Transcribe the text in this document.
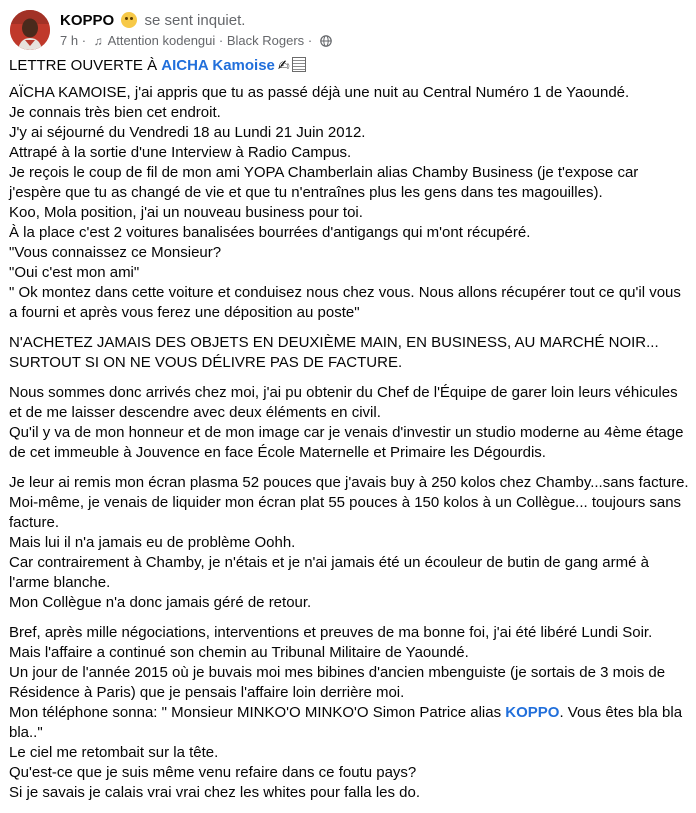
KOPPO se sent inquiet.
7 h · ♫ Attention kodengui · Black Rogers ·

LETTRE OUVERTE À AICHA Kamoise ✍

AÏCHA KAMOISE, j'ai appris que tu as passé déjà une nuit au Central Numéro 1 de Yaoundé.
Je connais très bien cet endroit.
J'y ai séjourné du Vendredi 18 au Lundi 21 Juin 2012.
Attrapé à la sortie d'une Interview à Radio Campus.
Je reçois le coup de fil de mon ami YOPA Chamberlain alias Chamby Business (je t'expose car j'espère que tu as changé de vie et que tu n'entraînes plus les gens dans tes magouilles).
Koo, Mola position, j'ai un nouveau business pour toi.
À la place c'est 2 voitures banalisées bourrées d'antigangs qui m'ont récupéré.
"Vous connaissez ce Monsieur?
"Oui c'est mon ami"
" Ok montez dans cette voiture et conduisez nous chez vous. Nous allons récupérer tout ce qu'il vous a fourni et après vous ferez une déposition au poste"

N'ACHETEZ JAMAIS DES OBJETS EN DEUXIÈME MAIN, EN BUSINESS, AU MARCHÉ NOIR...
SURTOUT SI ON NE VOUS DÉLIVRE PAS DE FACTURE.

Nous sommes donc arrivés chez moi, j'ai pu obtenir du Chef de l'Équipe de garer loin leurs véhicules et de me laisser descendre avec deux éléments en civil.
Qu'il y va de mon honneur et de mon image car je venais d'investir un studio moderne au 4ème étage de cet immeuble à Jouvence en face École Maternelle et Primaire les Dégourdis.

Je leur ai remis mon écran plasma 52 pouces que j'avais buy à 250 kolos chez Chamby...sans facture.
Moi-même, je venais de liquider mon écran plat 55 pouces à 150 kolos à un Collègue... toujours sans facture.
Mais lui il n'a jamais eu de problème Oohh.
Car contrairement à Chamby, je n'étais et je n'ai jamais été un écouleur de butin de gang armé à l'arme blanche.
Mon Collègue n'a donc jamais géré de retour.

Bref, après mille négociations, interventions et preuves de ma bonne foi, j'ai été libéré Lundi Soir.
Mais l'affaire a continué son chemin au Tribunal Militaire de Yaoundé.
Un jour de l'année 2015 où je buvais moi mes bibines d'ancien mbenguiste (je sortais de 3 mois de Résidence à Paris) que je pensais l'affaire loin derrière moi.
Mon téléphone sonna: " Monsieur MINKO'O MINKO'O Simon Patrice alias KOPPO. Vous êtes bla bla bla.."
Le ciel me retombait sur la tête.
Qu'est-ce que je suis même venu refaire dans ce foutu pays?
Si je savais je calais vrai vrai chez les whites pour falla les do.
